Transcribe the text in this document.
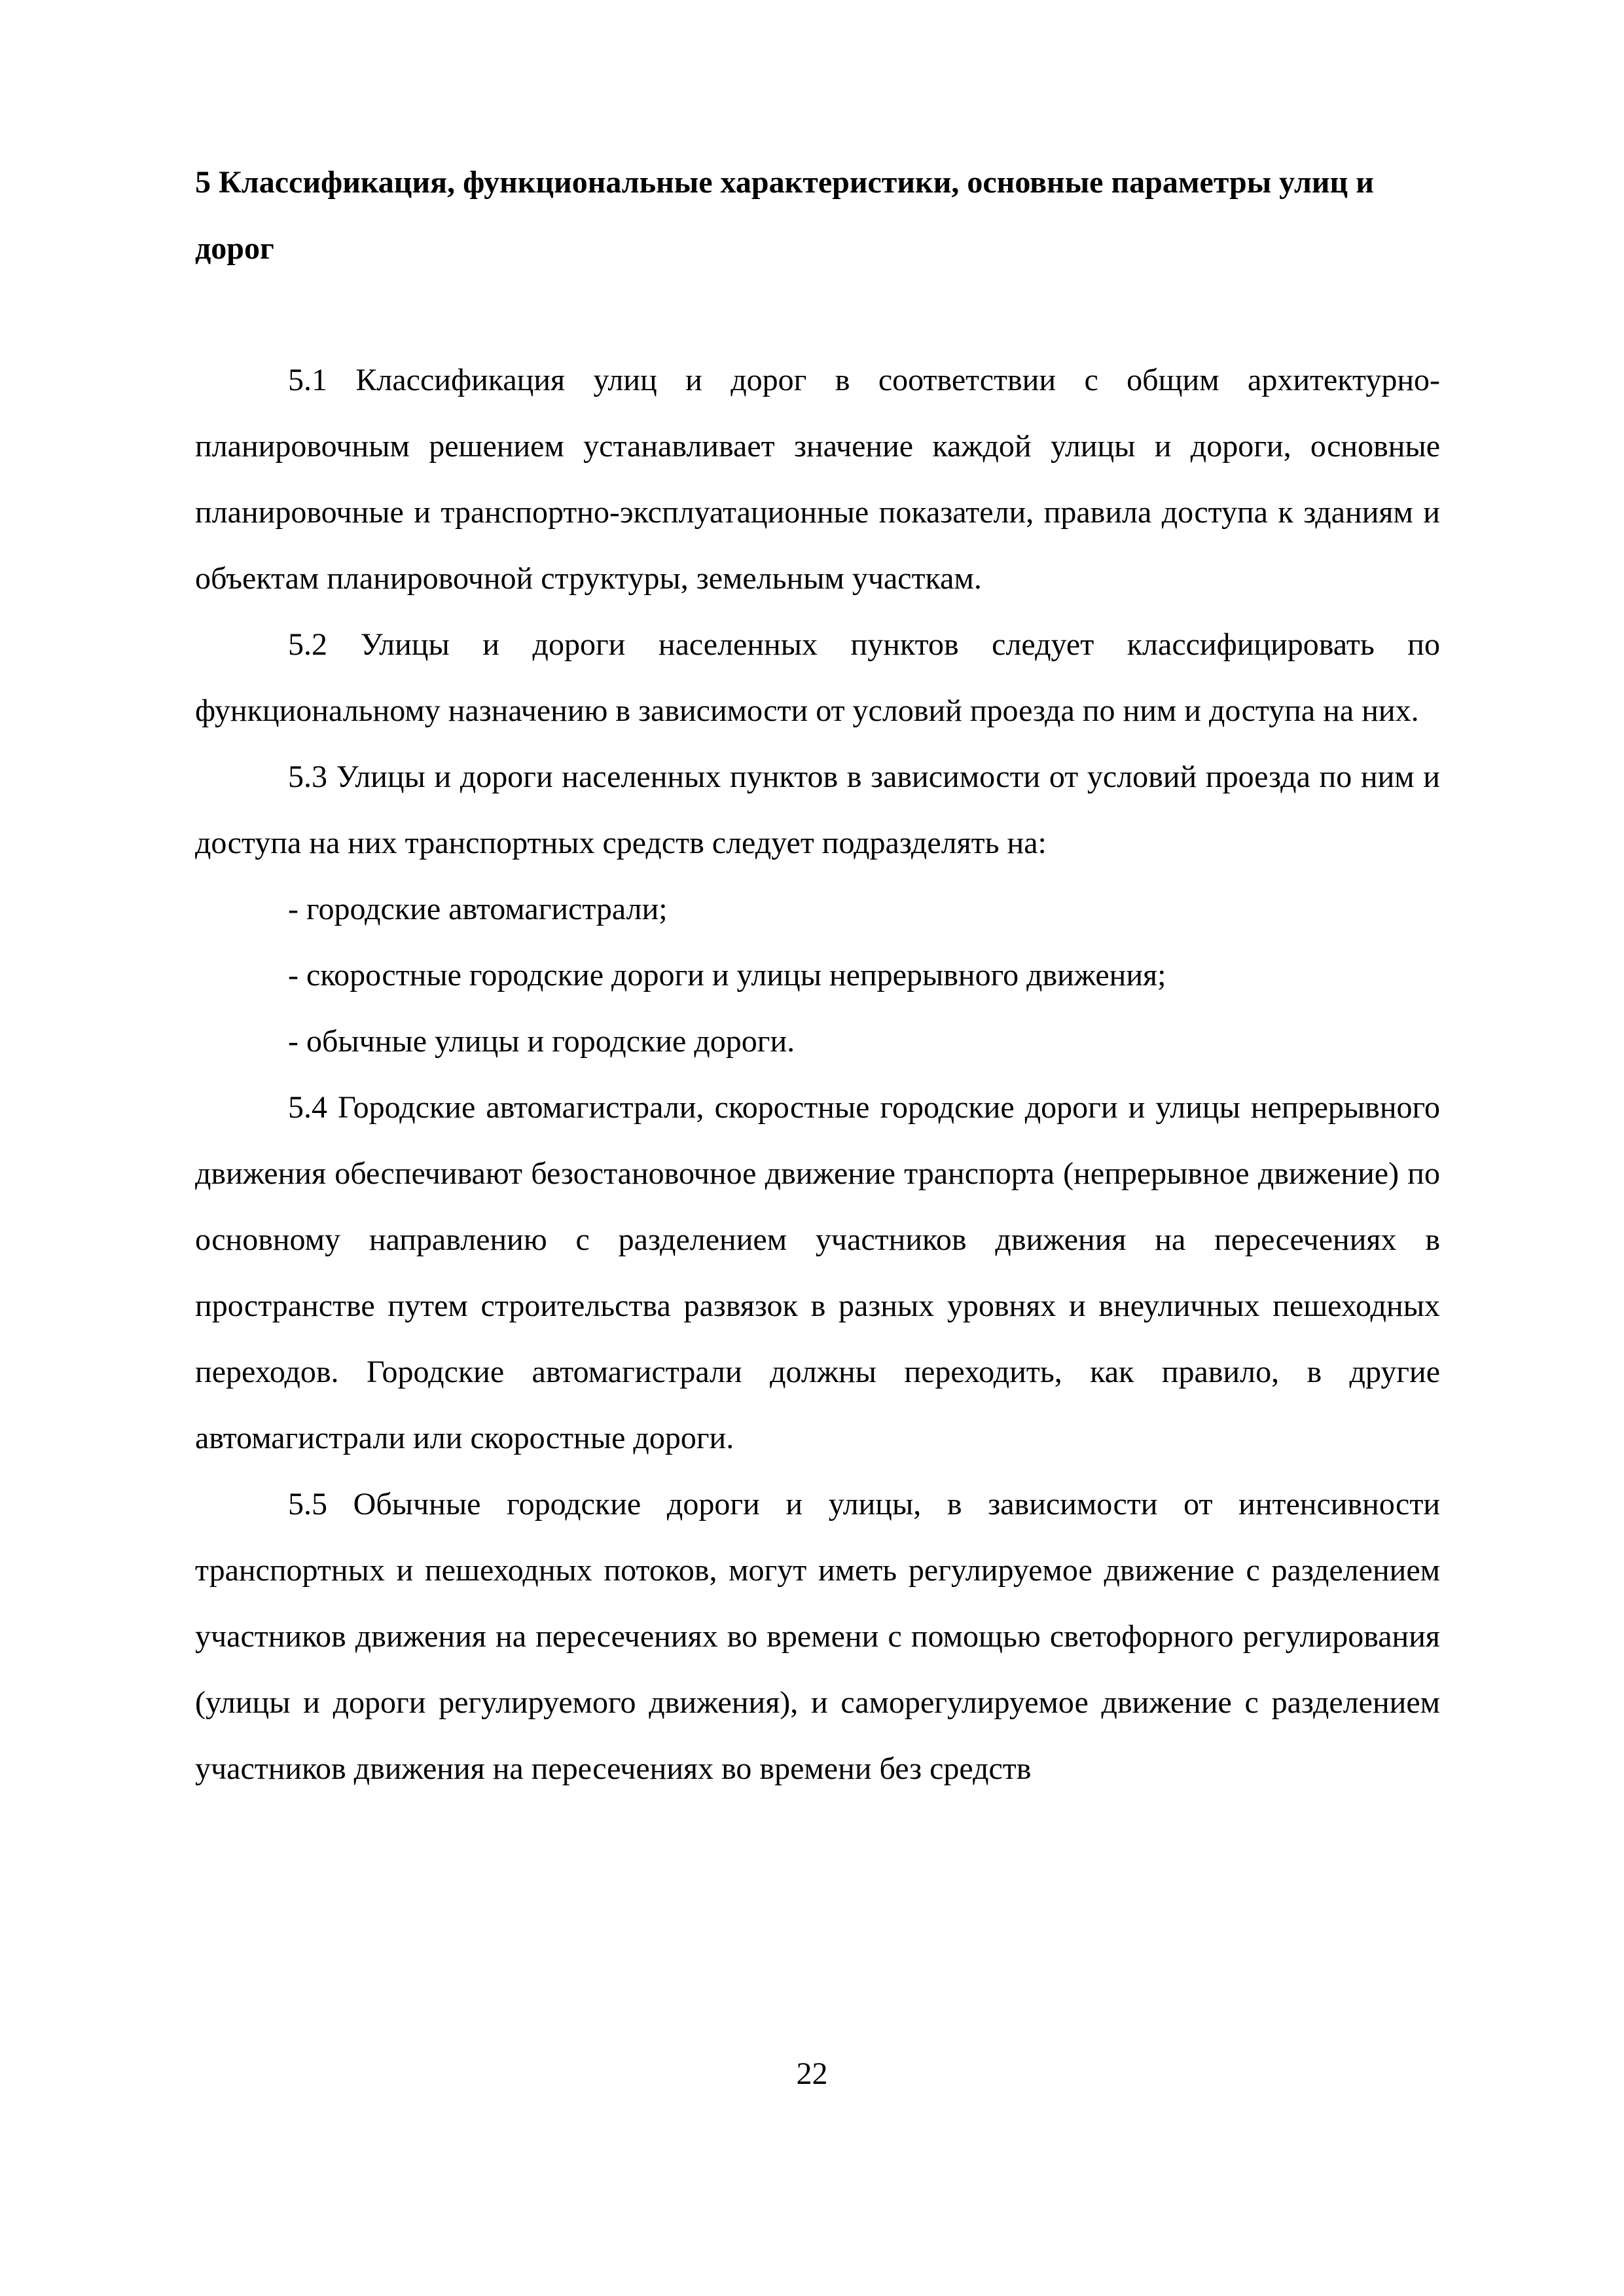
5 Классификация, функциональные характеристики, основные параметры улиц и дорог

5.1 Классификация улиц и дорог в соответствии с общим архитектурно-планировочным решением устанавливает значение каждой улицы и дороги, основные планировочные и транспортно-эксплуатационные показатели, правила доступа к зданиям и объектам планировочной структуры, земельным участкам.

5.2 Улицы и дороги населенных пунктов следует классифицировать по функциональному назначению в зависимости от условий проезда по ним и доступа на них.

5.3 Улицы и дороги населенных пунктов в зависимости от условий проезда по ним и доступа на них транспортных средств следует подразделять на:

- городские автомагистрали;

- скоростные городские дороги и улицы непрерывного движения;

- обычные улицы и городские дороги.

5.4 Городские автомагистрали, скоростные городские дороги и улицы непрерывного движения обеспечивают безостановочное движение транспорта (непрерывное движение) по основному направлению с разделением участников движения на пересечениях в пространстве путем строительства развязок в разных уровнях и внеуличных пешеходных переходов. Городские автомагистрали должны переходить, как правило, в другие автомагистрали или скоростные дороги.

5.5 Обычные городские дороги и улицы, в зависимости от интенсивности транспортных и пешеходных потоков, могут иметь регулируемое движение с разделением участников движения на пересечениях во времени с помощью светофорного регулирования (улицы и дороги регулируемого движения), и саморегулируемое движение с разделением участников движения на пересечениях во времени без средств

22
